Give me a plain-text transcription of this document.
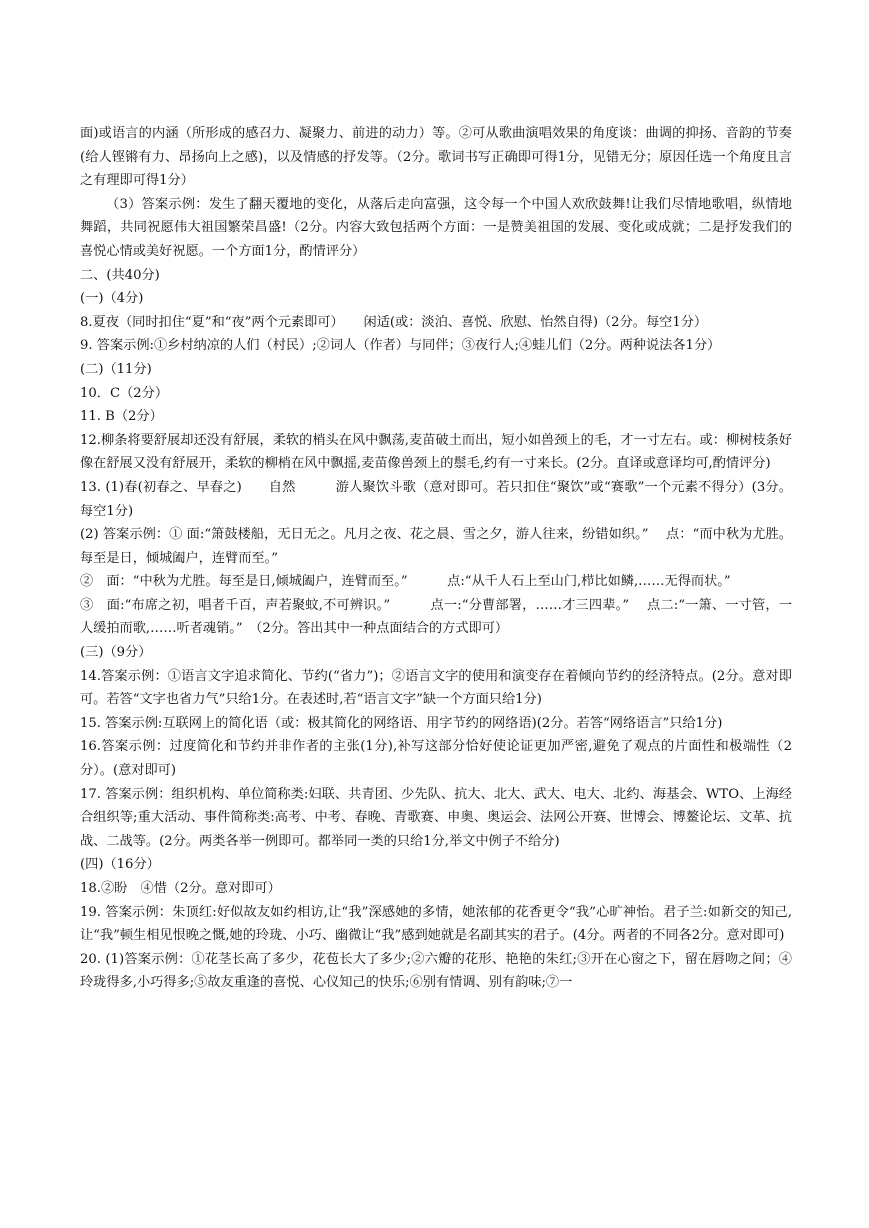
面)或语言的内涵（所形成的感召力、凝聚力、前进的动力）等。②可从歌曲演唱效果的角度谈：曲调的抑扬、音韵的节奏(给人铿锵有力、昂扬向上之感)，以及情感的抒发等。（2分。歌词书写正确即可得1分，见错无分；原因任选一个角度且言之有理即可得1分）

（3）答案示例：发生了翻天覆地的变化，从落后走向富强，这令每一个中国人欢欣鼓舞!让我们尽情地歌唱，纵情地舞蹈，共同祝愿伟大祖国繁荣昌盛!（2分。内容大致包括两个方面：一是赞美祖国的发展、变化或成就；二是抒发我们的喜悦心情或美好祝愿。一个方面1分，酌情评分）

二、(共40分)

(一)（4分)

8.夏夜（同时扣住“夏”和“夜”两个元素即可）　　闲适(或：淡泊、喜悦、欣慰、怡然自得)（2分。每空1分）

9. 答案示例:①乡村纳凉的人们（村民）;②词人（作者）与同伴；③夜行人;④蛙儿们（2分。两种说法各1分）

(二)（11分)

10．C（2分）

11. B（2分）

12.柳条将要舒展却还没有舒展，柔软的梢头在风中飘荡,麦苗破土而出，短小如兽颈上的毛，才一寸左右。或：柳树枝条好像在舒展又没有舒展开，柔软的柳梢在风中飘摇,麦苗像兽颈上的鬃毛,约有一寸来长。(2分。直译或意译均可,酌情评分)

13. (1)春(初春之、早春之)　　自然　　　游人聚饮斗歌（意对即可。若只扣住“聚饮”或“赛歌”一个元素不得分）(3分。每空1分)

(2) 答案示例：① 面:“箫鼓楼船，无日无之。凡月之夜、花之晨、雪之夕，游人往来，纷错如织。”　 点：“而中秋为尤胜。每至是日，倾城阖户，连臂而至。”

②　面：“中秋为尤胜。每至是日,倾城阖户，连臂而至。”　　　点:“从千人石上至山门,栉比如鳞,……无得而状。”

③　面:“布席之初，唱者千百，声若聚蚊,不可辨识。”　　　点一:“分曹部署，……才三四辈。”　 点二:“一箫、一寸管，一人缓拍而歌,……听者魂销。”　（2分。答出其中一种点面结合的方式即可）

(三)（9分）

14.答案示例：①语言文字追求简化、节约(“省力”)；②语言文字的使用和演变存在着倾向节约的经济特点。(2分。意对即可。若答“文字也省力气”只给1分。在表述时,若“语言文字”缺一个方面只给1分)

15. 答案示例:互联网上的简化语（或：极其简化的网络语、用字节约的网络语)(2分。若答“网络语言”只给1分)

16.答案示例：过度简化和节约并非作者的主张(1分),补写这部分恰好使论证更加严密,避免了观点的片面性和极端性（2分）。(意对即可)

17. 答案示例：组织机构、单位简称类:妇联、共青团、少先队、抗大、北大、武大、电大、北约、海基会、WTO、上海经合组织等;重大活动、事件简称类:高考、中考、春晚、青歌赛、申奥、奥运会、法网公开赛、世博会、博鳌论坛、文革、抗战、二战等。(2分。两类各举一例即可。都举同一类的只给1分,举文中例子不给分)

(四)（16分）

18.②盼　④惜（2分。意对即可）

19. 答案示例：朱顶红:好似故友如约相访,让“我”深感她的多情，她浓郁的花香更令“我”心旷神怡。君子兰:如新交的知己,让“我”顿生相见恨晚之慨,她的玲珑、小巧、幽微让“我”感到她就是名副其实的君子。(4分。两者的不同各2分。意对即可)

20. (1)答案示例：①花茎长高了多少，花苞长大了多少;②六瓣的花形、艳艳的朱红;③开在心窗之下，留在唇吻之间；④玲珑得多,小巧得多;⑤故友重逢的喜悦、心仪知己的快乐;⑥别有情调、别有韵味;⑦一
